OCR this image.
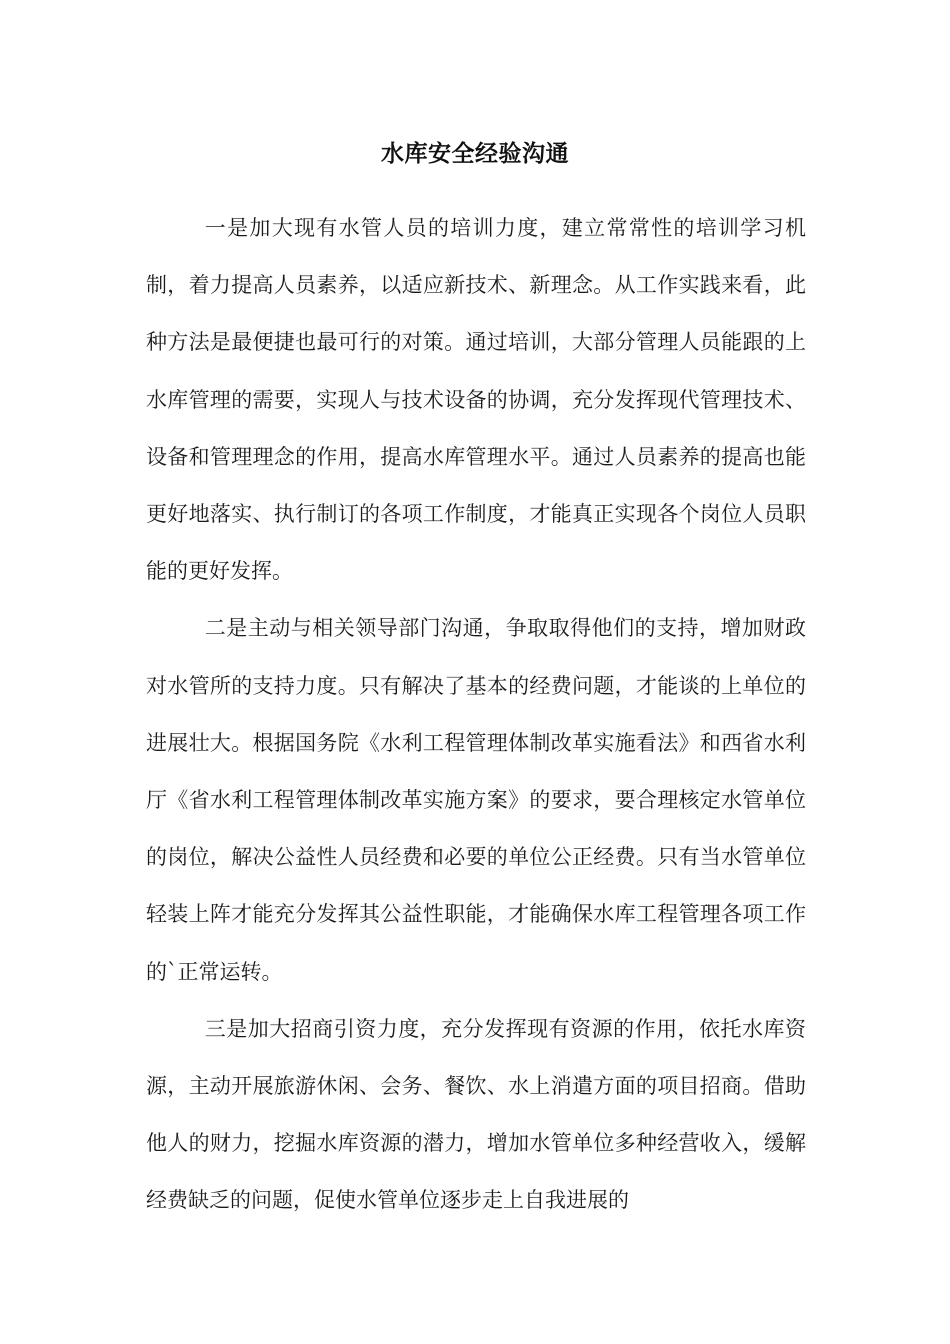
水库安全经验沟通

一是加大现有水管人员的培训力度，建立常常性的培训学习机制，着力提高人员素养，以适应新技术、新理念。从工作实践来看，此种方法是最便捷也最可行的对策。通过培训，大部分管理人员能跟的上水库管理的需要，实现人与技术设备的协调，充分发挥现代管理技术、设备和管理理念的作用，提高水库管理水平。通过人员素养的提高也能更好地落实、执行制订的各项工作制度，才能真正实现各个岗位人员职能的更好发挥。

二是主动与相关领导部门沟通，争取取得他们的支持，增加财政对水管所的支持力度。只有解决了基本的经费问题，才能谈的上单位的进展壮大。根据国务院《水利工程管理体制改革实施看法》和西省水利厅《省水利工程管理体制改革实施方案》的要求，要合理核定水管单位的岗位，解决公益性人员经费和必要的单位公正经费。只有当水管单位轻装上阵才能充分发挥其公益性职能，才能确保水库工程管理各项工作的`正常运转。

三是加大招商引资力度，充分发挥现有资源的作用，依托水库资源，主动开展旅游休闲、会务、餐饮、水上消遣方面的项目招商。借助他人的财力，挖掘水库资源的潜力，增加水管单位多种经营收入，缓解经费缺乏的问题，促使水管单位逐步走上自我进展的
